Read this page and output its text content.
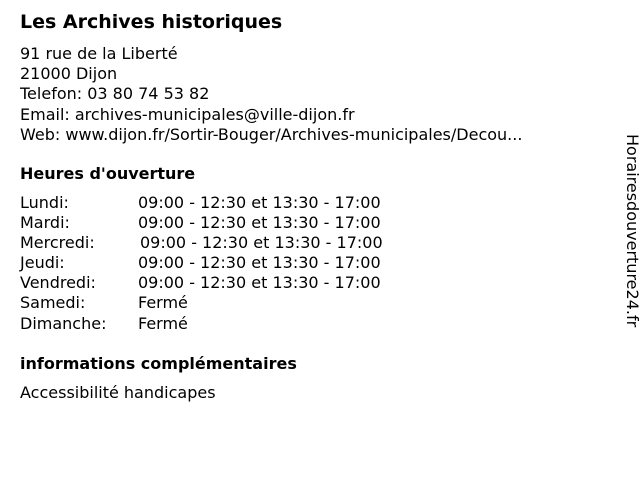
Les Archives historiques
91 rue de la Liberté
21000 Dijon
Telefon: 03 80 74 53 82
Email: archives-municipales@ville-dijon.fr
Web: www.dijon.fr/Sortir-Bouger/Archives-municipales/Decou...
Heures d'ouverture
Lundi:	09:00 - 12:30 et 13:30 - 17:00
Mardi:	09:00 - 12:30 et 13:30 - 17:00
Mercredi:	09:00 - 12:30 et 13:30 - 17:00
Jeudi:	09:00 - 12:30 et 13:30 - 17:00
Vendredi:	09:00 - 12:30 et 13:30 - 17:00
Samedi:	Fermé
Dimanche: Fermé
informations complémentaires
Accessibilité handicapes
Horairesdouverture24.fr
